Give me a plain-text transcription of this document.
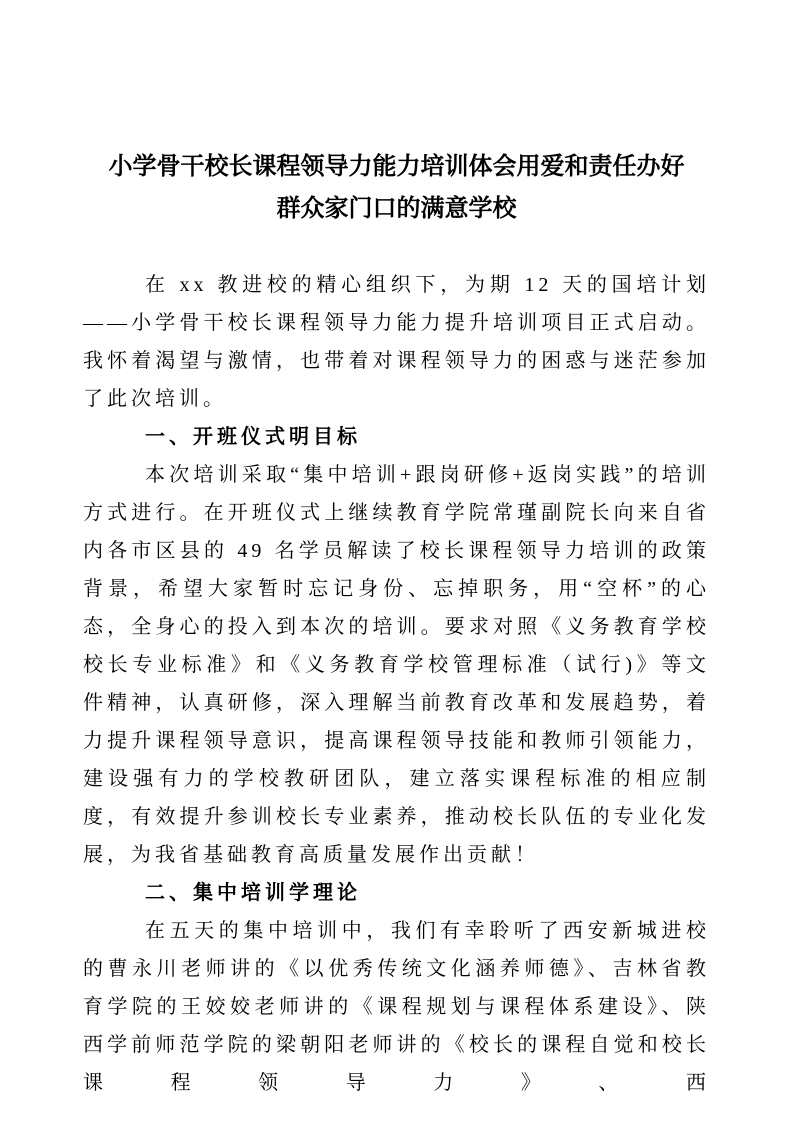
小学骨干校长课程领导力能力培训体会用爱和责任办好
群众家门口的满意学校

在 xx 教进校的精心组织下，为期 12 天的国培计划——小学骨干校长课程领导力能力提升培训项目正式启动。我怀着渴望与激情，也带着对课程领导力的困惑与迷茫参加了此次培训。

一、开班仪式明目标

本次培训采取“集中培训+跟岗研修+返岗实践”的培训方式进行。在开班仪式上继续教育学院常瑾副院长向来自省内各市区县的 49 名学员解读了校长课程领导力培训的政策背景，希望大家暂时忘记身份、忘掉职务，用“空杯”的心态，全身心的投入到本次的培训。要求对照《义务教育学校校长专业标准》和《义务教育学校管理标准（试行)》等文件精神，认真研修，深入理解当前教育改革和发展趋势，着力提升课程领导意识，提高课程领导技能和教师引领能力，建设强有力的学校教研团队，建立落实课程标准的相应制度，有效提升参训校长专业素养，推动校长队伍的专业化发展，为我省基础教育高质量发展作出贡献！

二、集中培训学理论

在五天的集中培训中，我们有幸聆听了西安新城进校的曹永川老师讲的《以优秀传统文化涵养师德》、吉林省教育学院的王姣姣老师讲的《课程规划与课程体系建设》、陕西学前师范学院的梁朝阳老师讲的《校长的课程自觉和校长课程领导力》、西
